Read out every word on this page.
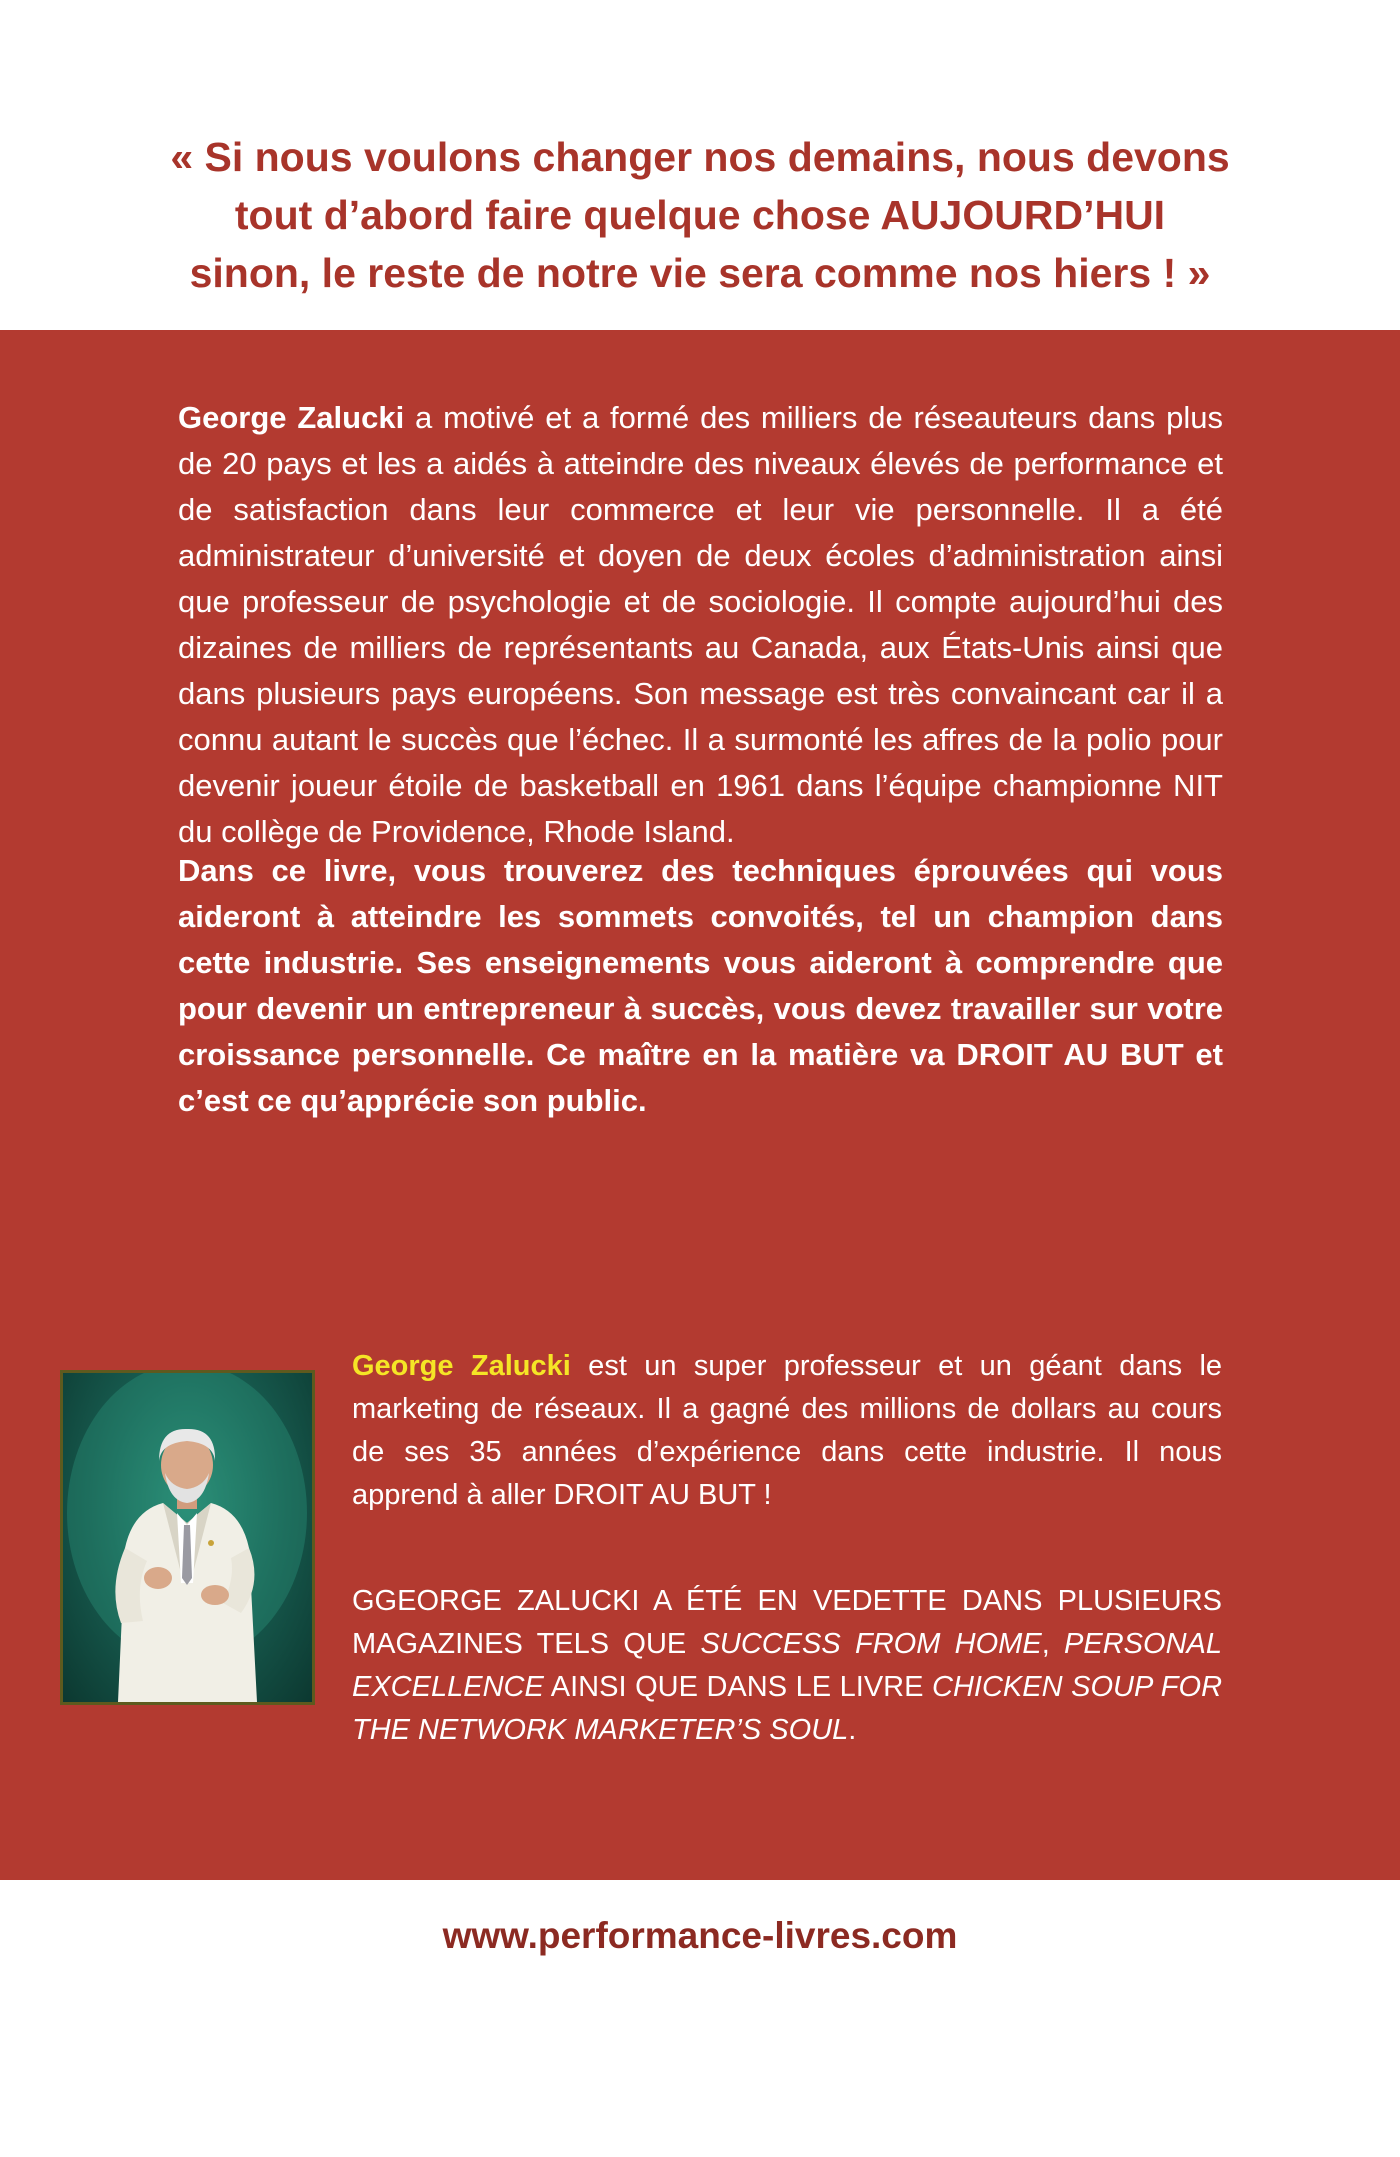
« Si nous voulons changer nos demains, nous devons
tout d’abord faire quelque chose AUJOURD’HUI
sinon, le reste de notre vie sera comme nos hiers ! »

George Zalucki a motivé et a formé des milliers de réseauteurs dans plus de 20 pays et les a aidés à atteindre des niveaux élevés de performance et de satisfaction dans leur commerce et leur vie personnelle. Il a été administrateur d’université et doyen de deux écoles d’administration ainsi que professeur de psychologie et de sociologie. Il compte aujourd’hui des dizaines de milliers de représentants au Canada, aux États-Unis ainsi que dans plusieurs pays européens. Son message est très convaincant car il a connu autant le succès que l’échec. Il a surmonté les affres de la polio pour devenir joueur étoile de basketball en 1961 dans l’équipe championne NIT du collège de Providence, Rhode Island.

Dans ce livre, vous trouverez des techniques éprouvées qui vous aideront à atteindre les sommets convoités, tel un champion dans cette industrie. Ses enseignements vous aideront à comprendre que pour devenir un entrepreneur à succès, vous devez travailler sur votre croissance personnelle. Ce maître en la matière va DROIT AU BUT et c’est ce qu’apprécie son public.

George Zalucki est un super professeur et un géant dans le marketing de réseaux. Il a gagné des millions de dollars au cours de ses 35 années d’expérience dans cette industrie. Il nous apprend à aller DROIT AU BUT !

GGEORGE ZALUCKI A ÉTÉ EN VEDETTE DANS PLUSIEURS MAGAZINES TELS QUE SUCCESS FROM HOME, PERSONAL EXCELLENCE AINSI QUE DANS LE LIVRE CHICKEN SOUP FOR THE NETWORK MARKETER’S SOUL.

www.performance-livres.com
